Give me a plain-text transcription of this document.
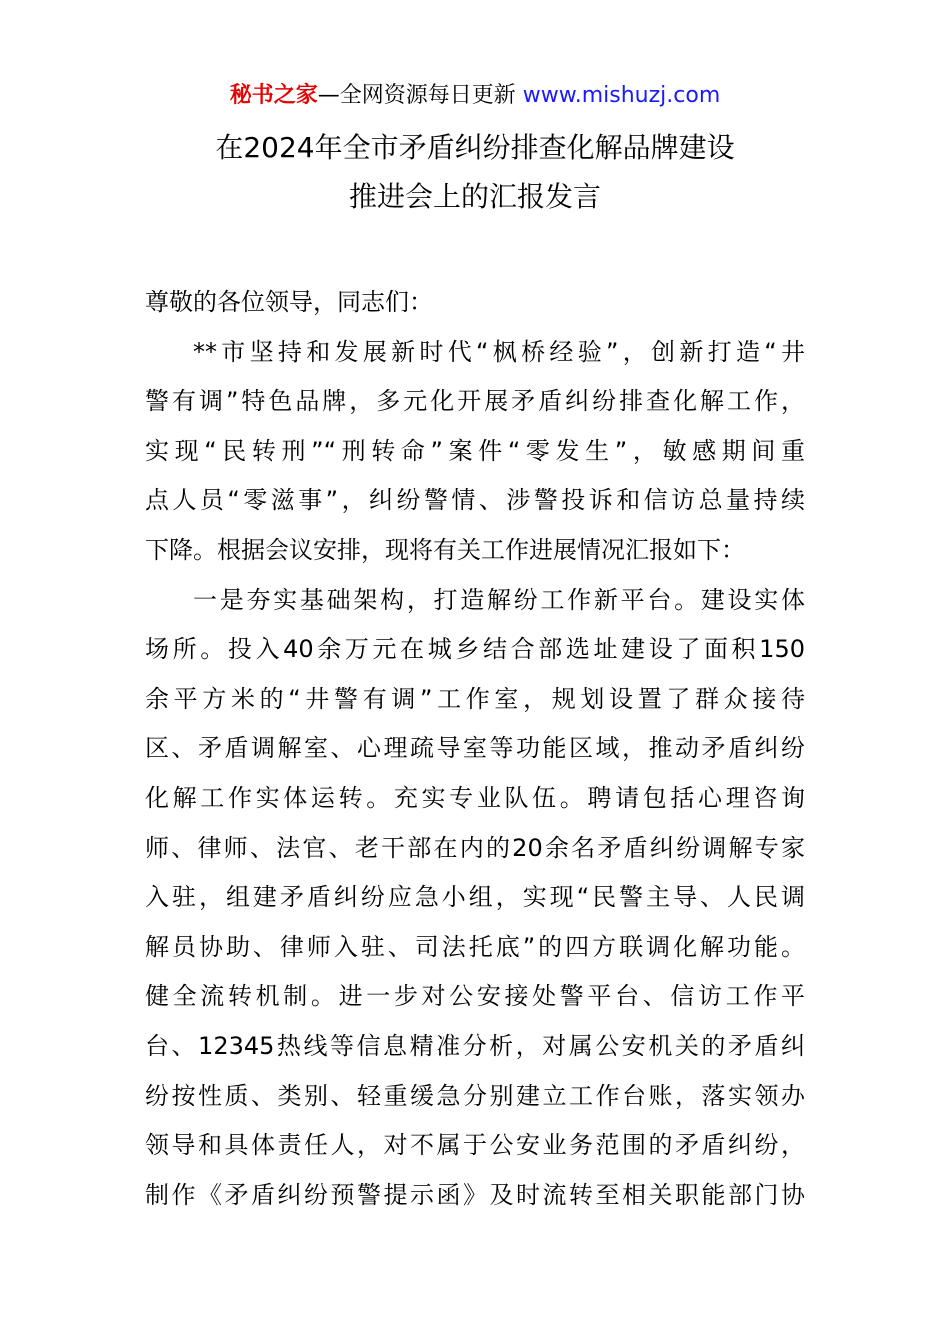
秘书之家—全网资源每日更新 www.mishuzj.com
在2024年全市矛盾纠纷排查化解品牌建设
推进会上的汇报发言
尊敬的各位领导，同志们：
**市坚持和发展新时代“枫桥经验”，创新打造“井
警有调”特色品牌，多元化开展矛盾纠纷排查化解工作，
实现“民转刑”“刑转命”案件“零发生”，敏感期间重
点人员“零滋事”，纠纷警情、涉警投诉和信访总量持续
下降。根据会议安排，现将有关工作进展情况汇报如下：
一是夯实基础架构，打造解纷工作新平台。建设实体
场所。投入40余万元在城乡结合部选址建设了面积150
余平方米的“井警有调”工作室，规划设置了群众接待
区、矛盾调解室、心理疏导室等功能区域，推动矛盾纠纷
化解工作实体运转。充实专业队伍。聘请包括心理咨询
师、律师、法官、老干部在内的20余名矛盾纠纷调解专家
入驻，组建矛盾纠纷应急小组，实现“民警主导、人民调
解员协助、律师入驻、司法托底”的四方联调化解功能。
健全流转机制。进一步对公安接处警平台、信访工作平
台、12345热线等信息精准分析，对属公安机关的矛盾纠
纷按性质、类别、轻重缓急分别建立工作台账，落实领办
领导和具体责任人，对不属于公安业务范围的矛盾纠纷，
制作《矛盾纠纷预警提示函》及时流转至相关职能部门协
